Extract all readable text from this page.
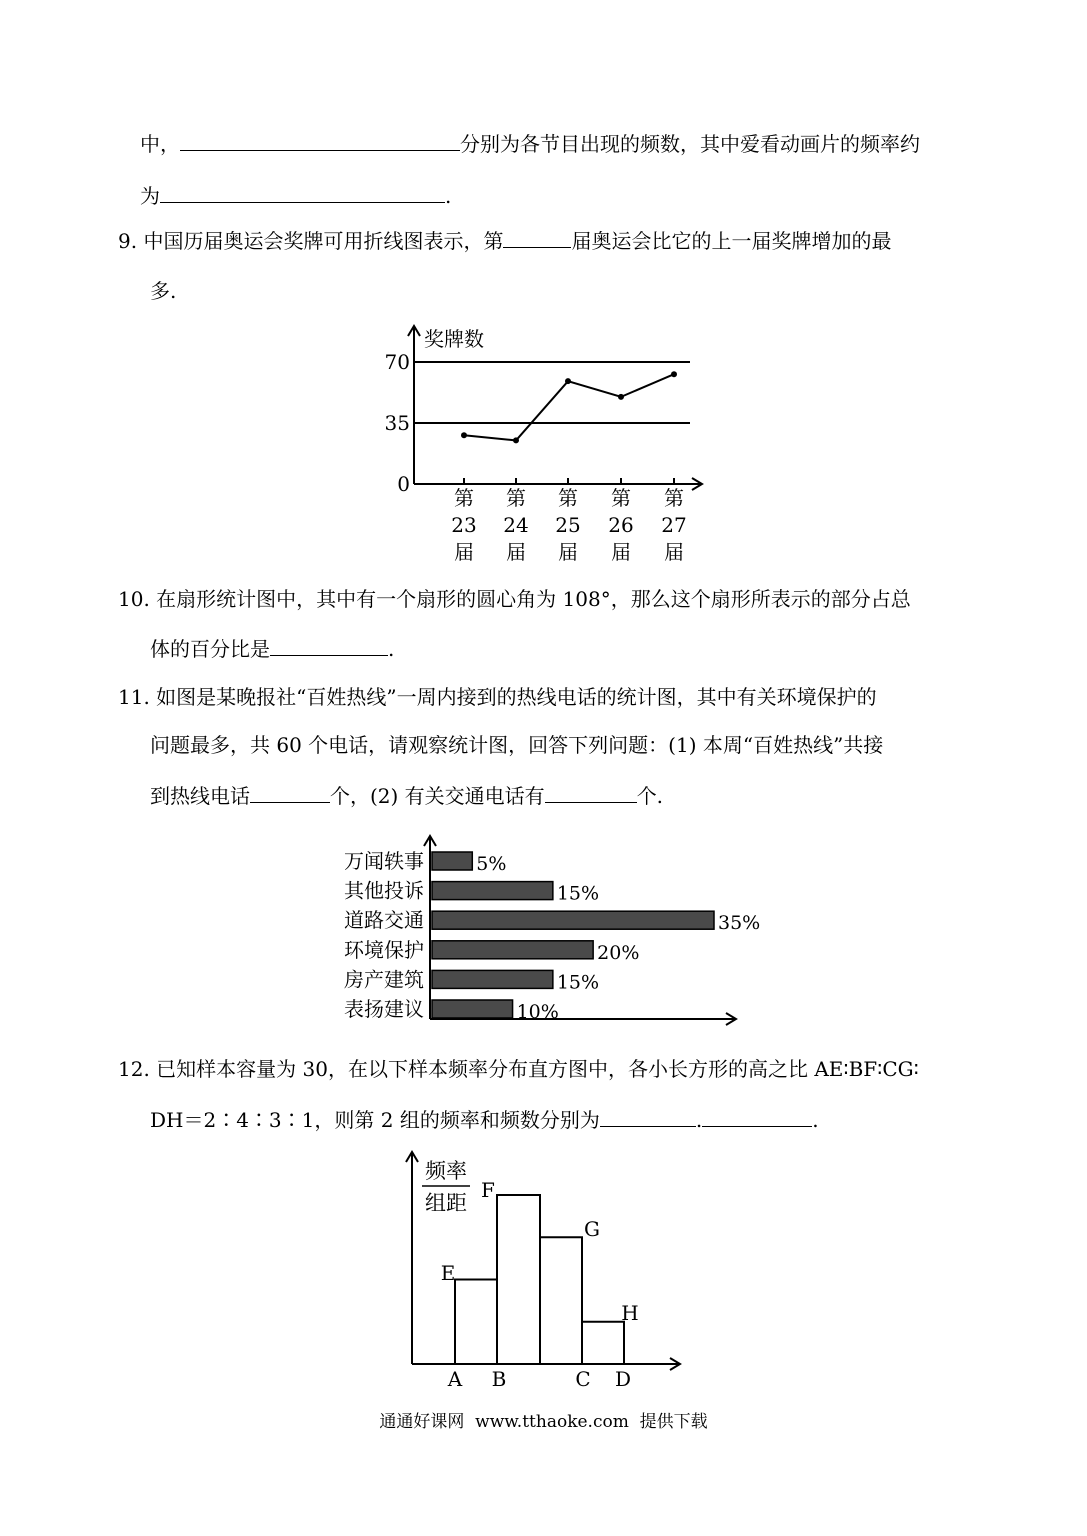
中，	分别为各节目出现的频数，其中爱看动画片的频率约
为	.
9. 中国历届奥运会奖牌可用折线图表示，第	届奥运会比它的上一届奖牌增加的最
多.
奖牌数
0
35
70
第
23
届
第
24
届
第
25
届
第
26
届
第
27
届
10. 在扇形统计图中，其中有一个扇形的圆心角为 108°，那么这个扇形所表示的部分占总
体的百分比是	.
11. 如图是某晚报社“百姓热线”一周内接到的热线电话的统计图，其中有关环境保护的
问题最多，共 60 个电话，请观察统计图，回答下列问题：(1) 本周“百姓热线”共接
到热线电话	个，(2) 有关交通电话有	个.
万闻轶事	5%
其他投诉	15%
道路交通	35%
环境保护	20%
房产建筑	15%
表扬建议	10%
12. 已知样本容量为 30，在以下样本频率分布直方图中，各小长方形的高之比 AE∶BF∶CG∶
DH＝2∶4∶3∶1，则第 2 组的频率和频数分别为	.	.
频率
组距
E
F
G
H
A B	C D
通通好课网  www.tthaoke.com  提供下载
